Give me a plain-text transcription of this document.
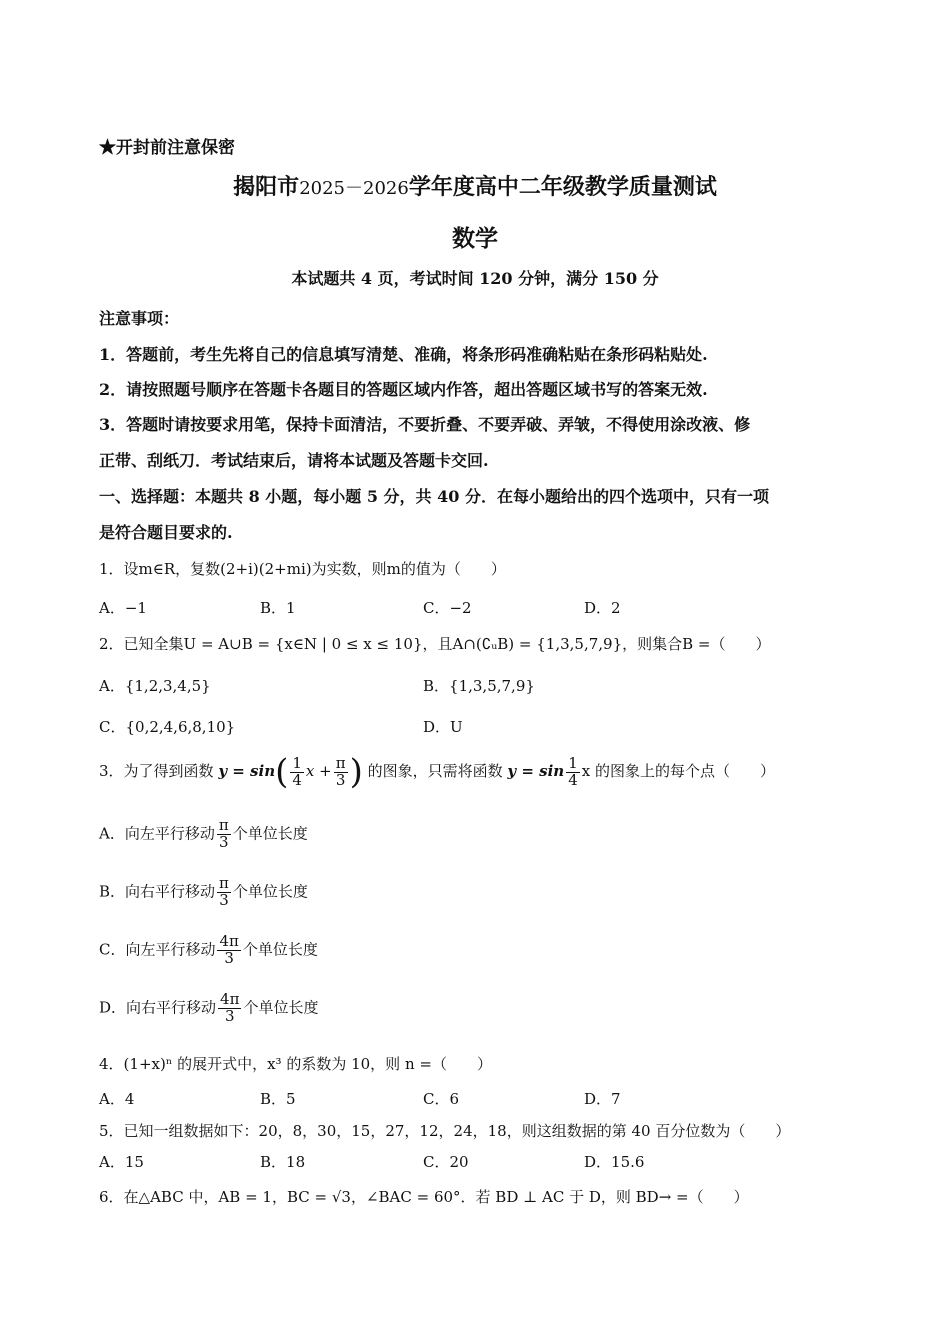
★开封前注意保密
揭阳市2025－2026学年度高中二年级教学质量测试
数学
本试题共 4 页，考试时间 120 分钟，满分 150 分
注意事项：
1．答题前，考生先将自己的信息填写清楚、准确，将条形码准确粘贴在条形码粘贴处.
2．请按照题号顺序在答题卡各题目的答题区域内作答，超出答题区域书写的答案无效.
3．答题时请按要求用笔，保持卡面清洁，不要折叠、不要弄破、弄皱，不得使用涂改液、修
正带、刮纸刀．考试结束后，请将本试题及答题卡交回.
一、选择题：本题共 8 小题，每小题 5 分，共 40 分．在每小题给出的四个选项中，只有一项
是符合题目要求的.
1．设m∈R，复数(2+i)(2+mi)为实数，则m的值为（　　）
A．−1	B．1	C．−2	D．2
2．已知全集U = A∪B = {x∈N | 0 ≤ x ≤ 10}，且A∩(∁ᵤB) = {1,3,5,7,9}，则集合B =（　　）
A．{1,2,3,4,5}	B．{1,3,5,7,9}
C．{0,2,4,6,8,10}	D．U
3．为了得到函数 $y = \sin( \frac{1}{4}$ $x + \frac{\pi}{3}$ ) 的图象，只需将函数 $y = \sin \frac{1}{4}$ x 的图象上的每个点（　　）
A．向左平行移动 $\frac{\pi}{3}$ 个单位长度
B．向右平行移动 $\frac{\pi}{3}$ 个单位长度
C．向左平行移动 $\frac{4\pi}{3}$ 个单位长度
D．向右平行移动 $\frac{4\pi}{3}$ 个单位长度
4．(1+x)ⁿ 的展开式中，x³ 的系数为 10，则 n =（　　）
A．4	B．5	C．6	D．7
5．已知一组数据如下：20，8，30，15，27，12，24，18，则这组数据的第 40 百分位数为（　　）
A．15	B．18	C．20	D．15.6
6．在△ABC 中，AB = 1，BC = √3，∠BAC = 60°．若 BD ⊥ AC 于 D，则 BD→ =（　　）
